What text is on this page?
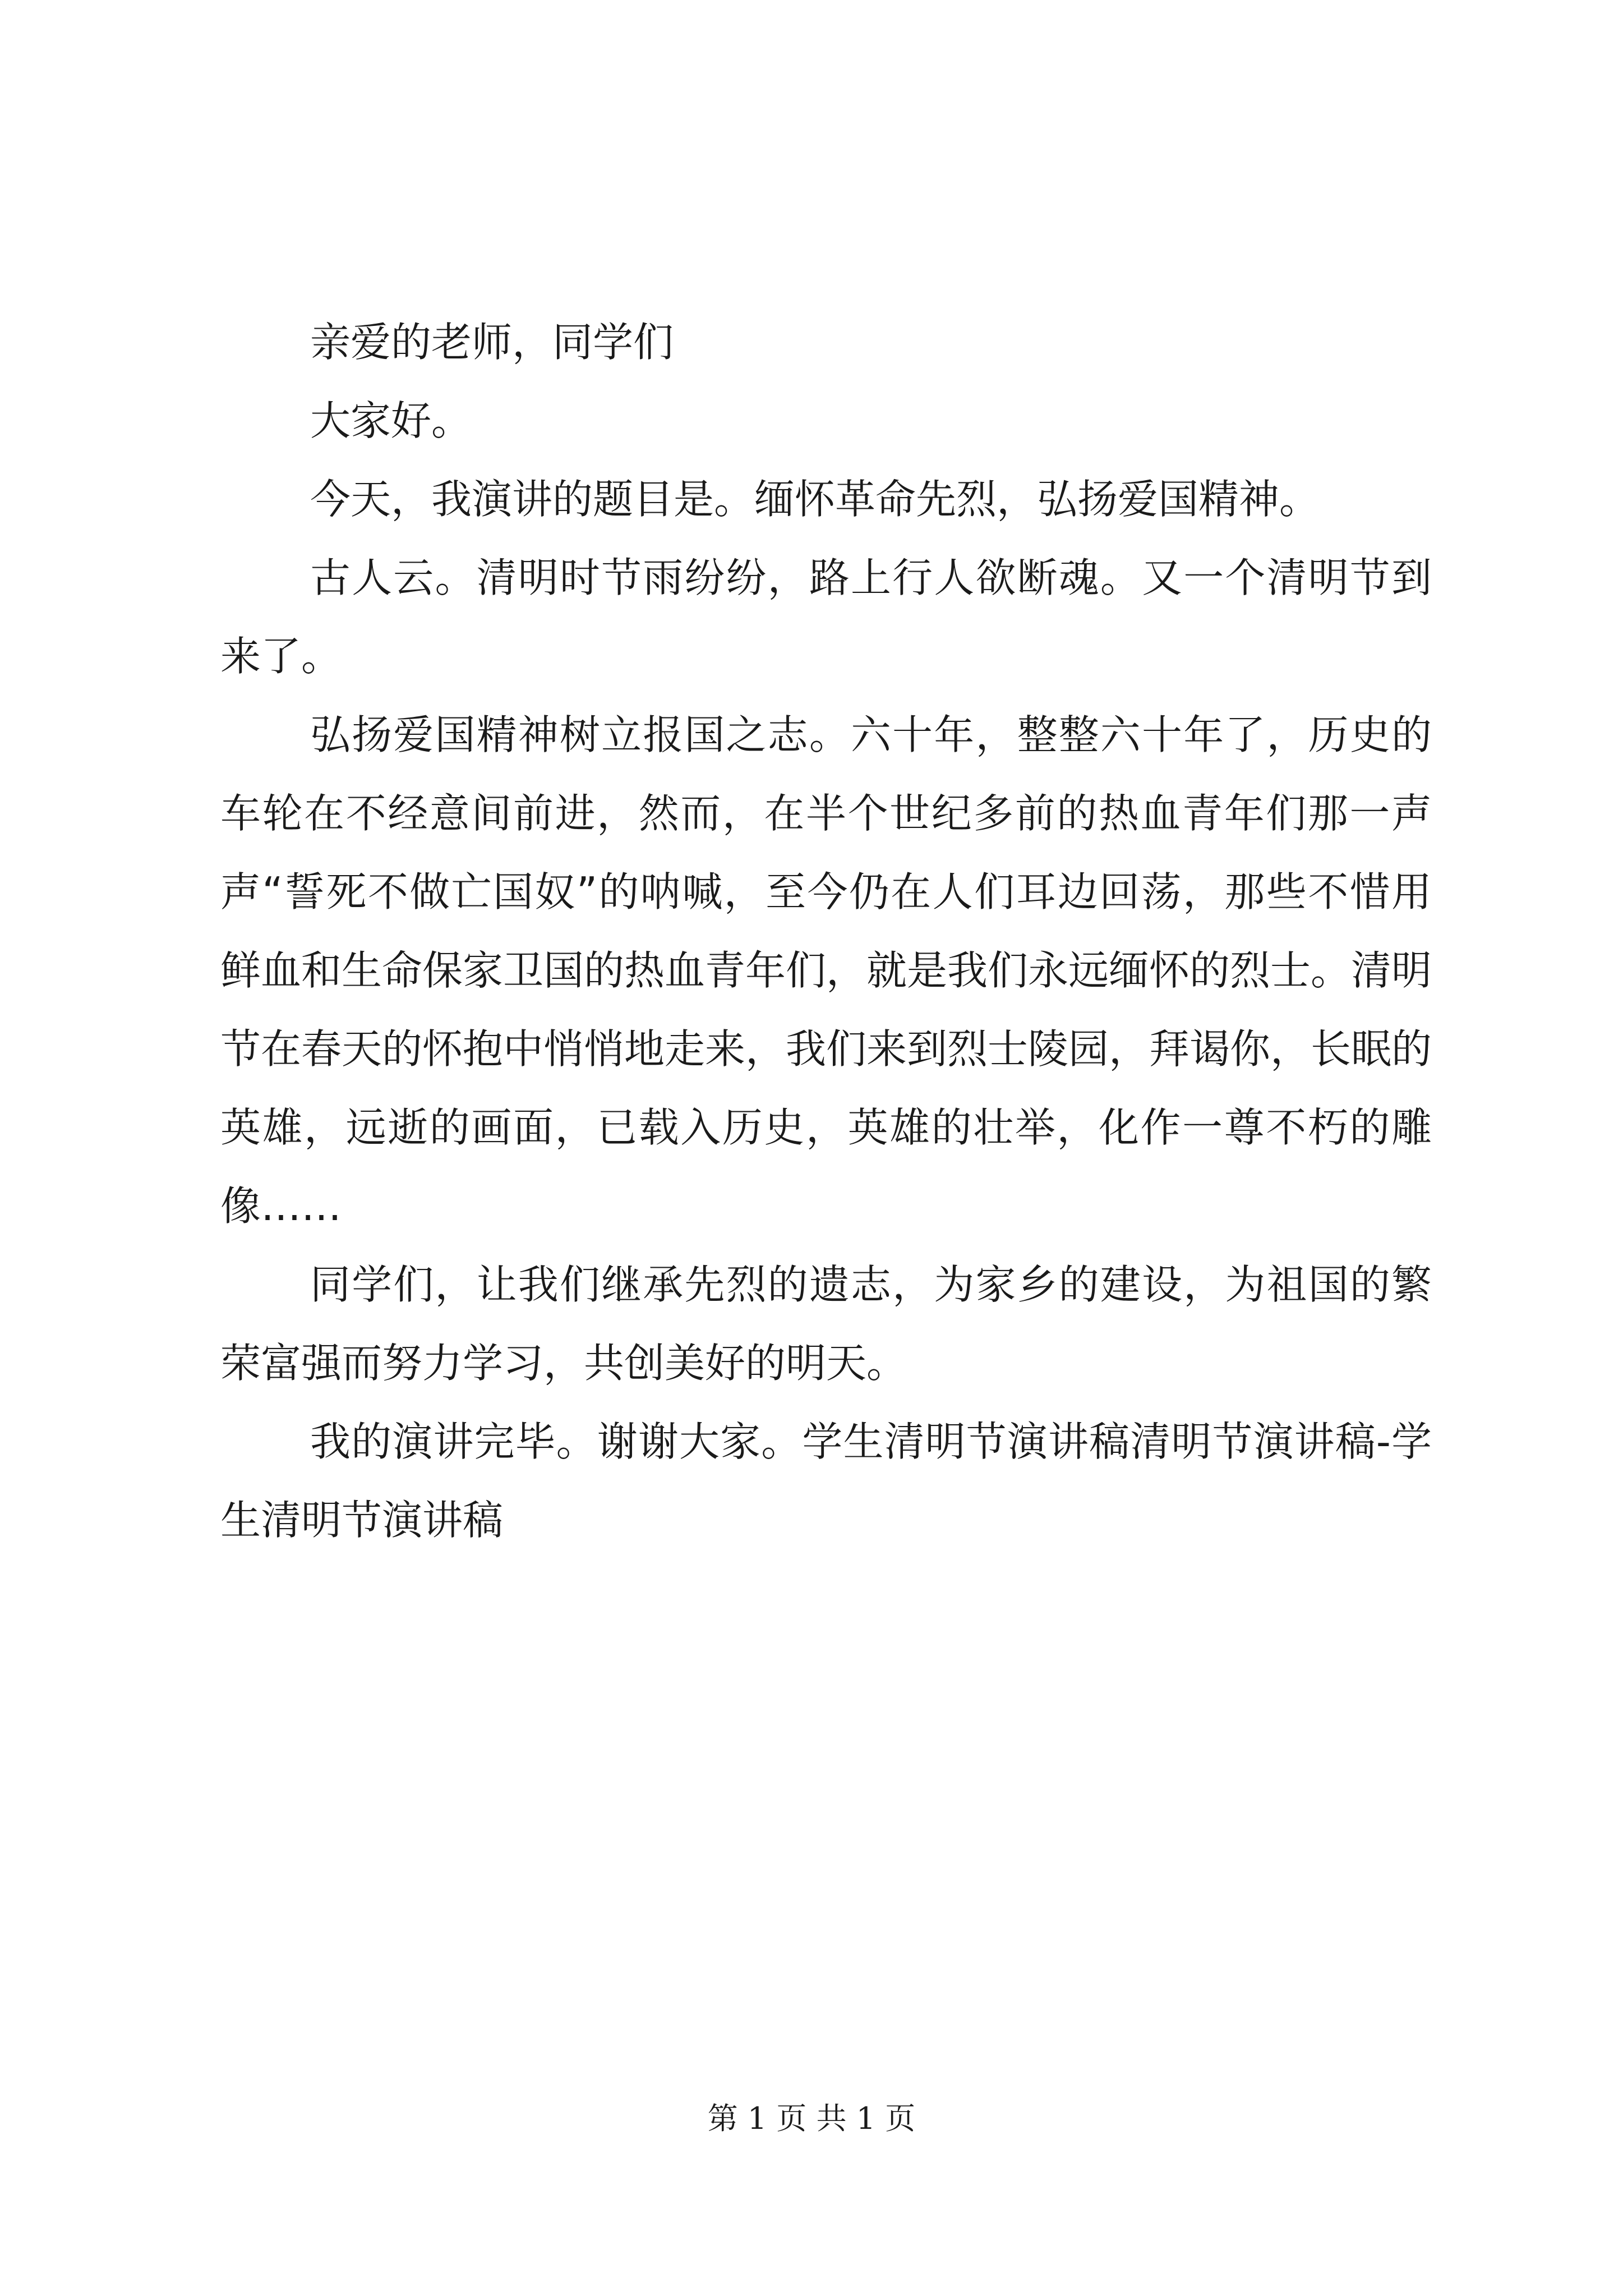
亲爱的老师，同学们

大家好。

今天，我演讲的题目是。缅怀革命先烈，弘扬爱国精神。

古人云。清明时节雨纷纷，路上行人欲断魂。又一个清明节到来了。

弘扬爱国精神树立报国之志。六十年，整整六十年了，历史的车轮在不经意间前进，然而，在半个世纪多前的热血青年们那一声声“誓死不做亡国奴”的呐喊，至今仍在人们耳边回荡，那些不惜用鲜血和生命保家卫国的热血青年们，就是我们永远缅怀的烈士。清明节在春天的怀抱中悄悄地走来，我们来到烈士陵园，拜谒你，长眠的英雄，远逝的画面，已载入历史，英雄的壮举，化作一尊不朽的雕像……

同学们，让我们继承先烈的遗志，为家乡的建设，为祖国的繁荣富强而努力学习，共创美好的明天。

我的演讲完毕。谢谢大家。学生清明节演讲稿清明节演讲稿-学生清明节演讲稿

第 1 页 共 1 页
